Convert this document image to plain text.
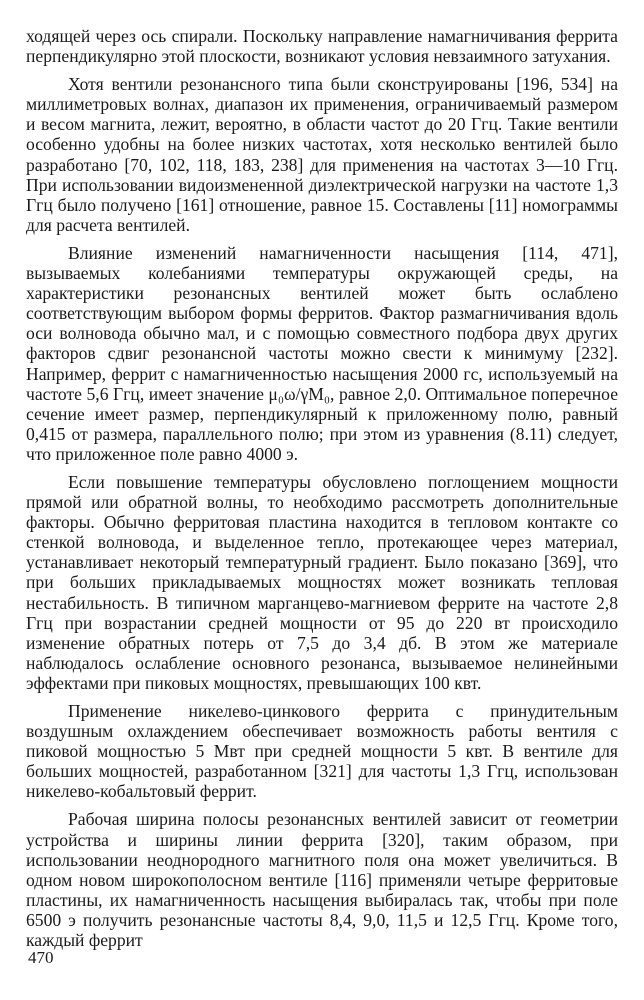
ходящей через ось спирали. Поскольку направление намагничивания феррита перпендикулярно этой плоскости, возникают условия невзаимного затухания.

Хотя вентили резонансного типа были сконструированы [196, 534] на миллиметровых волнах, диапазон их применения, ограничиваемый размером и весом магнита, лежит, вероятно, в области частот до 20 Ггц. Такие вентили особенно удобны на более низких частотах, хотя несколько вентилей было разработано [70, 102, 118, 183, 238] для применения на частотах 3—10 Ггц. При использовании видоизмененной диэлектрической нагрузки на частоте 1,3 Ггц было получено [161] отношение, равное 15. Составлены [11] номограммы для расчета вентилей.

Влияние изменений намагниченности насыщения [114, 471], вызываемых колебаниями температуры окружающей среды, на характеристики резонансных вентилей может быть ослаблено соответствующим выбором формы ферритов. Фактор размагничивания вдоль оси волновода обычно мал, и с помощью совместного подбора двух других факторов сдвиг резонансной частоты можно свести к минимуму [232]. Например, феррит с намагниченностью насыщения 2000 гс, используемый на частоте 5,6 Ггц, имеет значение μ₀ω/γM₀, равное 2,0. Оптимальное поперечное сечение имеет размер, перпендикулярный к приложенному полю, равный 0,415 от размера, параллельного полю; при этом из уравнения (8.11) следует, что приложенное поле равно 4000 э.

Если повышение температуры обусловлено поглощением мощности прямой или обратной волны, то необходимо рассмотреть дополнительные факторы. Обычно ферритовая пластина находится в тепловом контакте со стенкой волновода, и выделенное тепло, протекающее через материал, устанавливает некоторый температурный градиент. Было показано [369], что при больших прикладываемых мощностях может возникать тепловая нестабильность. В типичном марганцево-магниевом феррите на частоте 2,8 Ггц при возрастании средней мощности от 95 до 220 вт происходило изменение обратных потерь от 7,5 до 3,4 дб. В этом же материале наблюдалось ослабление основного резонанса, вызываемое нелинейными эффектами при пиковых мощностях, превышающих 100 квт.

Применение никелево-цинкового феррита с принудительным воздушным охлаждением обеспечивает возможность работы вентиля с пиковой мощностью 5 Мвт при средней мощности 5 квт. В вентиле для больших мощностей, разработанном [321] для частоты 1,3 Ггц, использован никелево-кобальтовый феррит.

Рабочая ширина полосы резонансных вентилей зависит от геометрии устройства и ширины линии феррита [320], таким образом, при использовании неоднородного магнитного поля она может увеличиться. В одном новом широкополосном вентиле [116] применяли четыре ферритовые пластины, их намагниченность насыщения выбиралась так, чтобы при поле 6500 э получить резонансные частоты 8,4, 9,0, 11,5 и 12,5 Ггц. Кроме того, каждый феррит

470
